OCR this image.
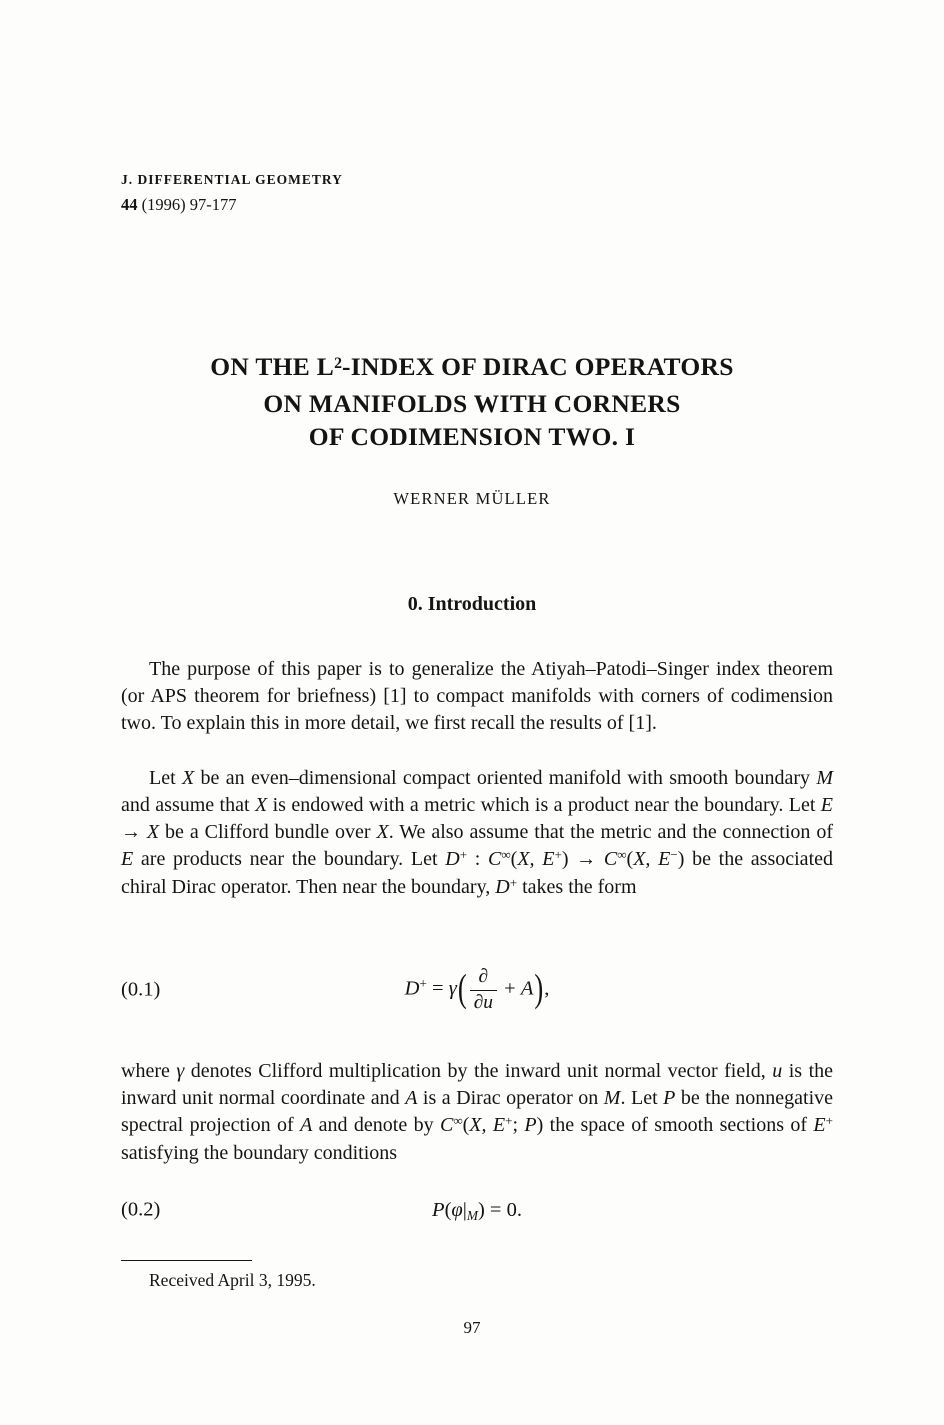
J. DIFFERENTIAL GEOMETRY
44 (1996) 97-177
ON THE $L^2$-INDEX OF DIRAC OPERATORS
ON MANIFOLDS WITH CORNERS
OF CODIMENSION TWO. I
WERNER MÜLLER
0. Introduction

The purpose of this paper is to generalize the Atiyah–Patodi–Singer index theorem (or APS theorem for briefness) [1] to compact manifolds with corners of codimension two. To explain this in more detail, we first recall the results of [1].

Let X be an even–dimensional compact oriented manifold with smooth boundary M and assume that X is endowed with a metric which is a product near the boundary. Let E → X be a Clifford bundle over X. We also assume that the metric and the connection of E are products near the boundary. Let D+ : C∞(X, E+) → C∞(X, E−) be the associated chiral Dirac operator. Then near the boundary, D+ takes the form

(0.1)	$D^+ = \gamma( \frac{\partial}{\partial u} + A)$,

where γ denotes Clifford multiplication by the inward unit normal vector field, u is the inward unit normal coordinate and A is a Dirac operator on M. Let P be the nonnegative spectral projection of A and denote by C∞(X, E+; P) the space of smooth sections of E+ satisfying the boundary conditions

(0.2)	$P(\varphi|_M) = 0$.
Received April 3, 1995.
97
